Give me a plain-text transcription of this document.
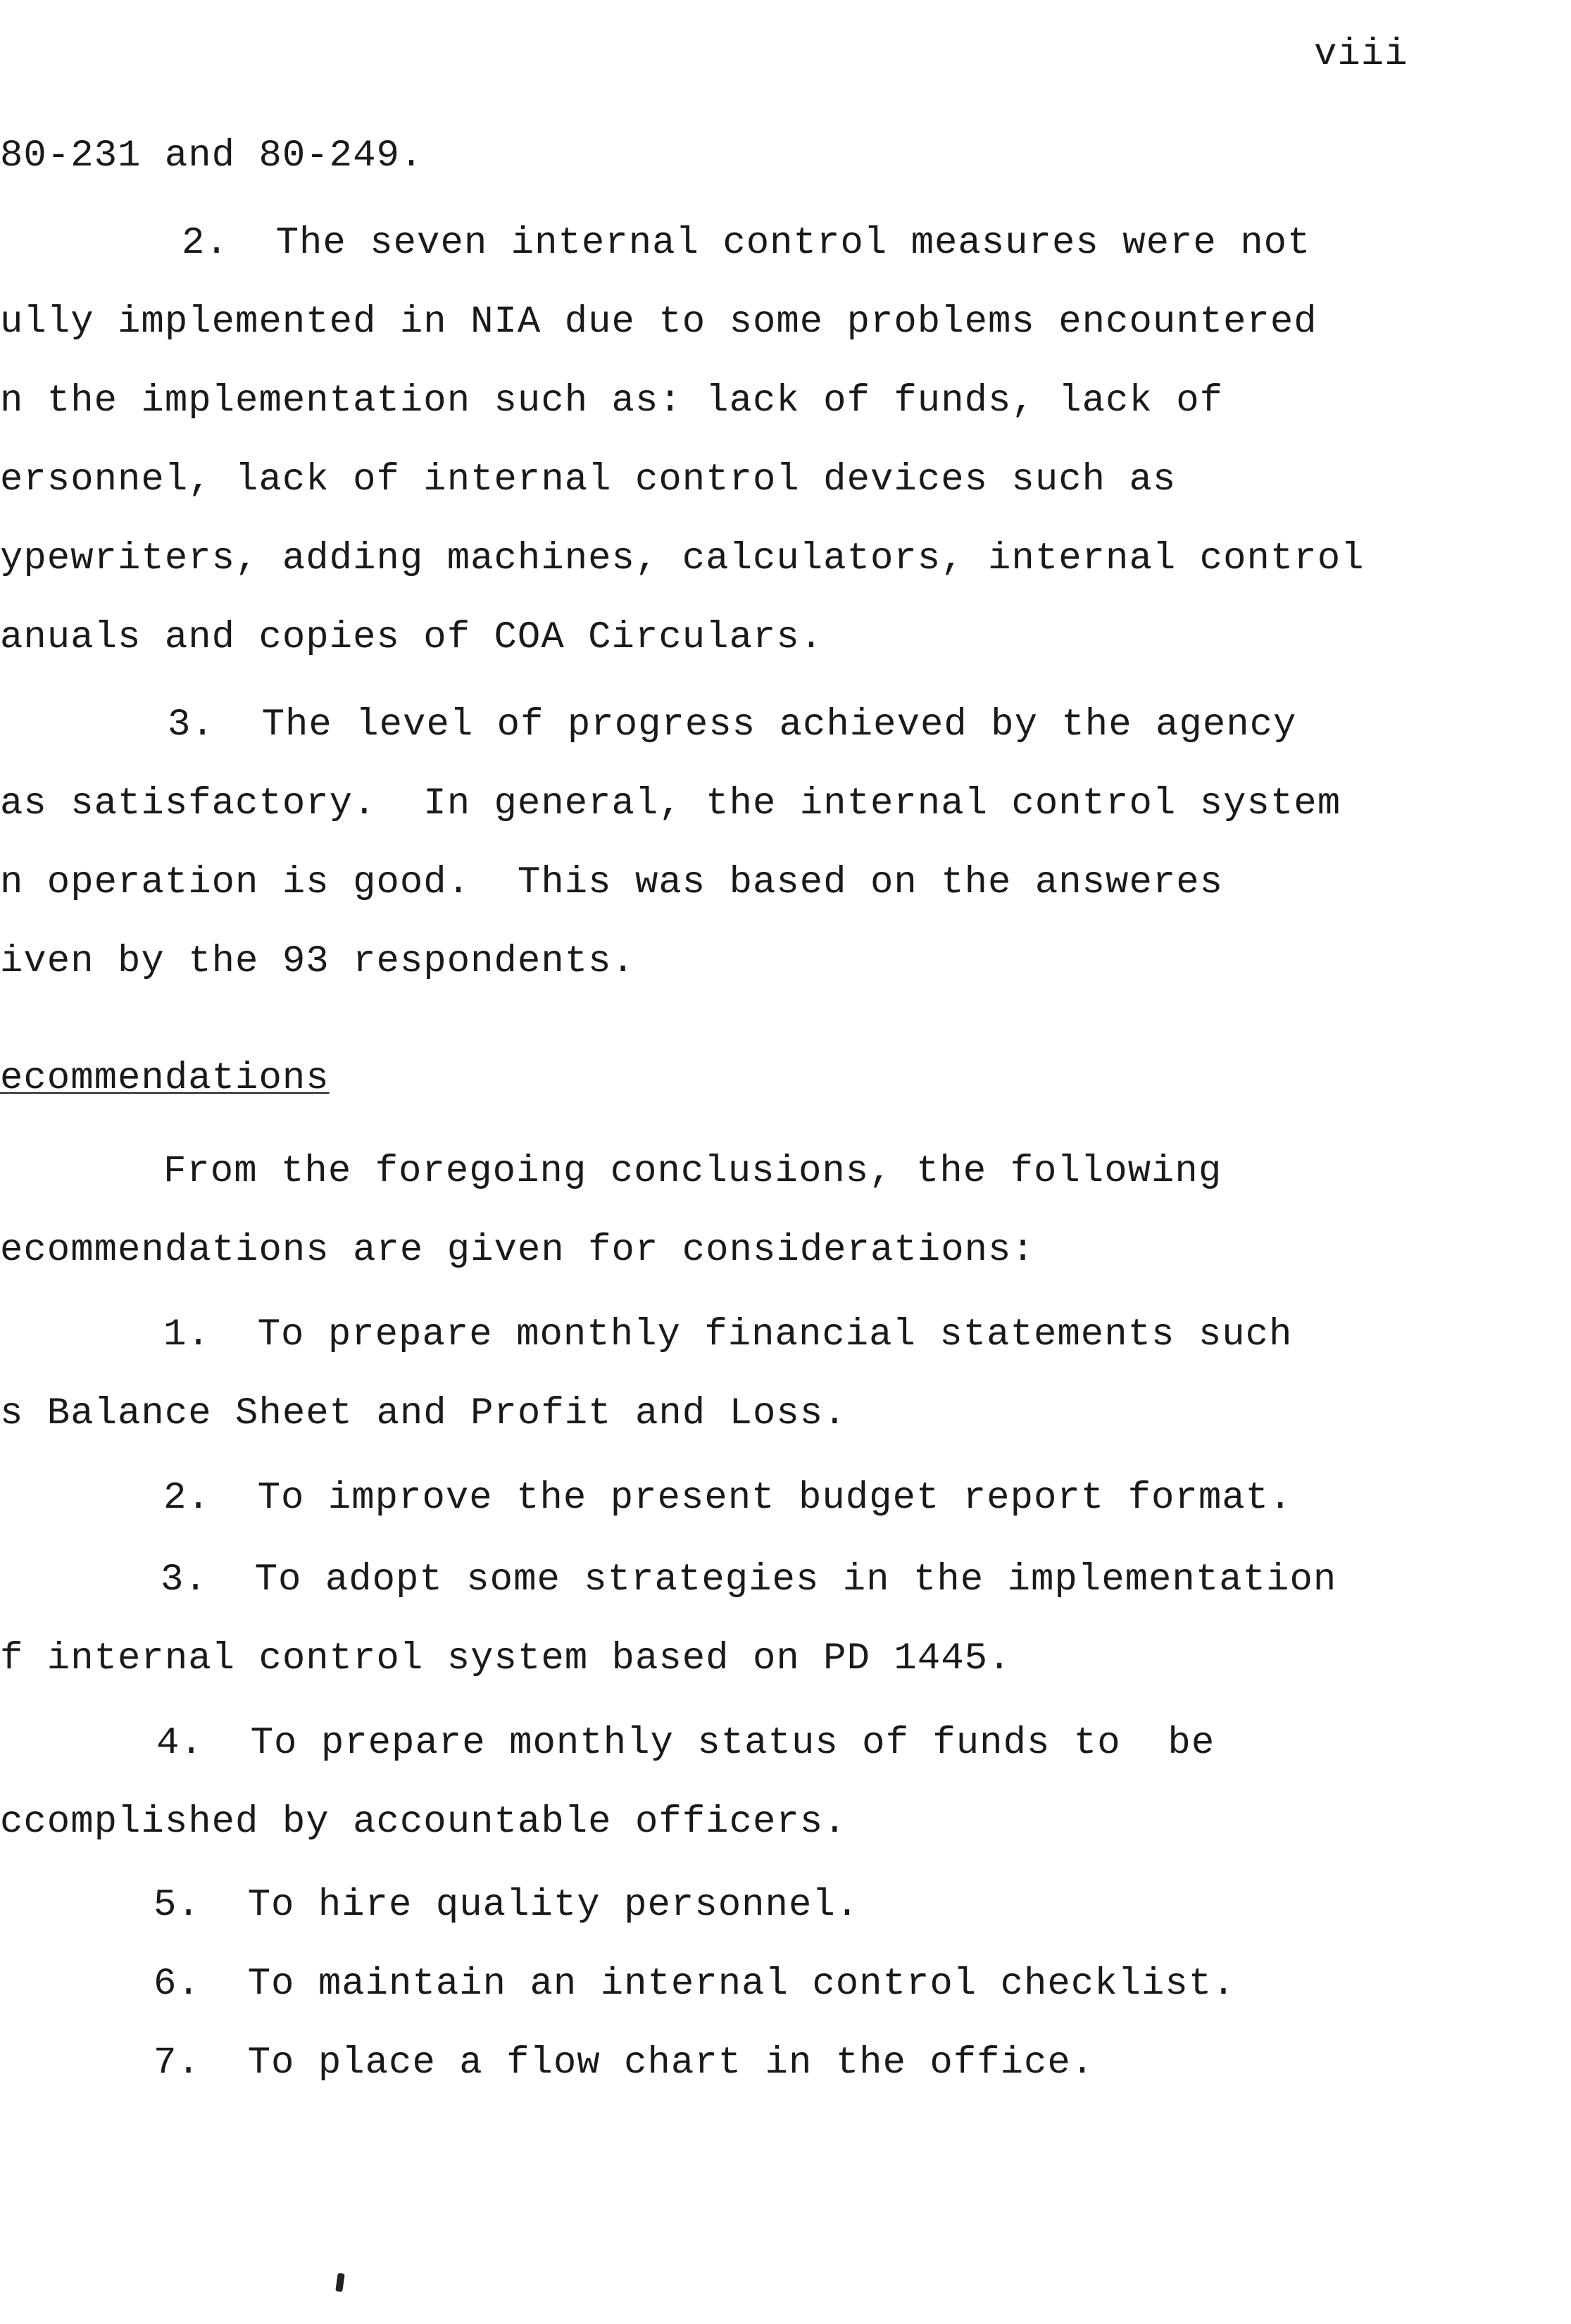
viii
80-231 and 80-249.
2.  The seven internal control measures were not
ully implemented in NIA due to some problems encountered
n the implementation such as: lack of funds, lack of
ersonnel, lack of internal control devices such as
ypewriters, adding machines, calculators, internal control
anuals and copies of COA Circulars.
3.  The level of progress achieved by the agency
as satisfactory.  In general, the internal control system
n operation is good.  This was based on the answeres
iven by the 93 respondents.
ecommendations
From the foregoing conclusions, the following
ecommendations are given for considerations:
1.  To prepare monthly financial statements such
s Balance Sheet and Profit and Loss.
2.  To improve the present budget report format.
3.  To adopt some strategies in the implementation
f internal control system based on PD 1445.
4.  To prepare monthly status of funds to  be
ccomplished by accountable officers.
5.  To hire quality personnel.
6.  To maintain an internal control checklist.
7.  To place a flow chart in the office.
